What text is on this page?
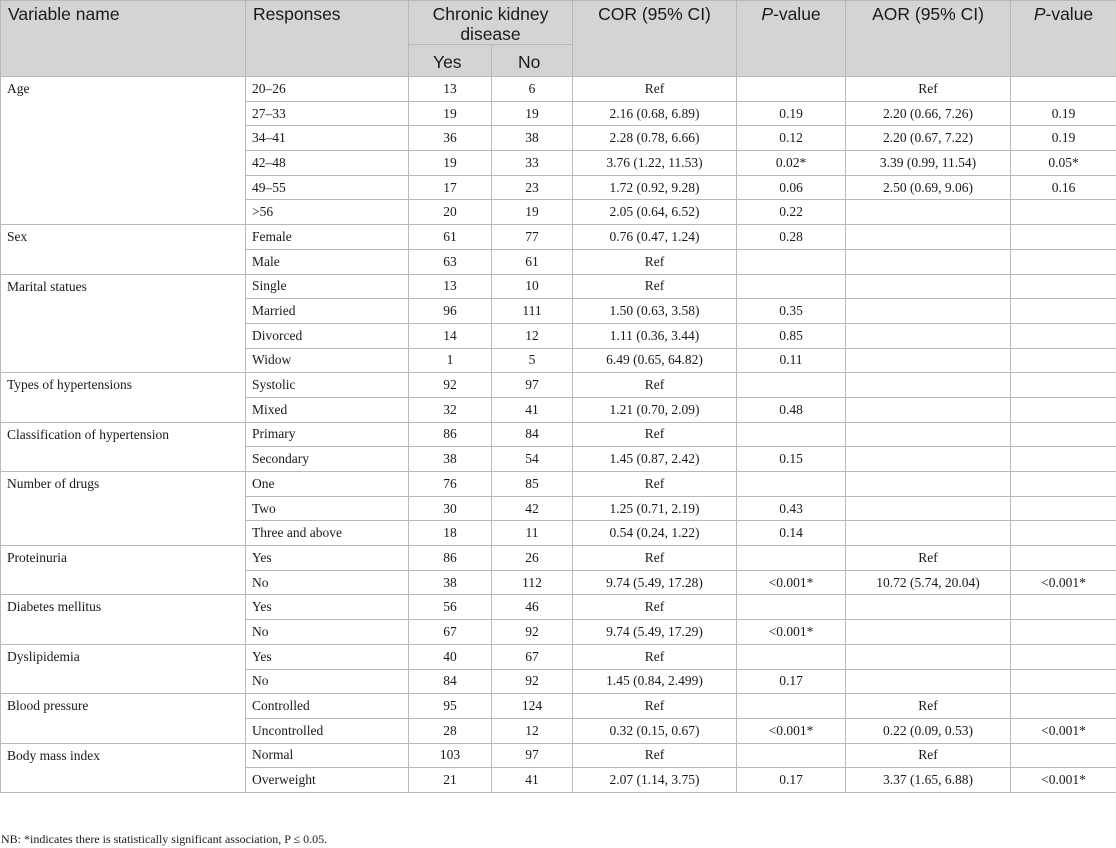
Variable name	Responses	Chronic kidney disease		COR (95% CI)	P-value	AOR (95% CI)	P-value
		Yes	No				
Age	20–26	13	6	Ref		Ref	
	27–33	19	19	2.16 (0.68, 6.89)	0.19	2.20 (0.66, 7.26)	0.19
	34–41	36	38	2.28 (0.78, 6.66)	0.12	2.20 (0.67, 7.22)	0.19
	42–48	19	33	3.76 (1.22, 11.53)	0.02*	3.39 (0.99, 11.54)	0.05*
	49–55	17	23	1.72 (0.92, 9.28)	0.06	2.50 (0.69, 9.06)	0.16
	>56	20	19	2.05 (0.64, 6.52)	0.22		
Sex	Female	61	77	0.76 (0.47, 1.24)	0.28		
	Male	63	61	Ref			
Marital statues	Single	13	10	Ref			
	Married	96	111	1.50 (0.63, 3.58)	0.35		
	Divorced	14	12	1.11 (0.36, 3.44)	0.85		
	Widow	1	5	6.49 (0.65, 64.82)	0.11		
Types of hypertensions	Systolic	92	97	Ref			
	Mixed	32	41	1.21 (0.70, 2.09)	0.48		
Classification of hypertension	Primary	86	84	Ref			
	Secondary	38	54	1.45 (0.87, 2.42)	0.15		
Number of drugs	One	76	85	Ref			
	Two	30	42	1.25 (0.71, 2.19)	0.43		
	Three and above	18	11	0.54 (0.24, 1.22)	0.14		
Proteinuria	Yes	86	26	Ref		Ref	
	No	38	112	9.74 (5.49, 17.28)	<0.001*	10.72 (5.74, 20.04)	<0.001*
Diabetes mellitus	Yes	56	46	Ref			
	No	67	92	9.74 (5.49, 17.29)	<0.001*		
Dyslipidemia	Yes	40	67	Ref			
	No	84	92	1.45 (0.84, 2.499)	0.17		
Blood pressure	Controlled	95	124	Ref		Ref	
	Uncontrolled	28	12	0.32 (0.15, 0.67)	<0.001*	0.22 (0.09, 0.53)	<0.001*
Body mass index	Normal	103	97	Ref		Ref	
	Overweight	21	41	2.07 (1.14, 3.75)	0.17	3.37 (1.65, 6.88)	<0.001*
NB: *indicates there is statistically significant association, P ≤ 0.05.
